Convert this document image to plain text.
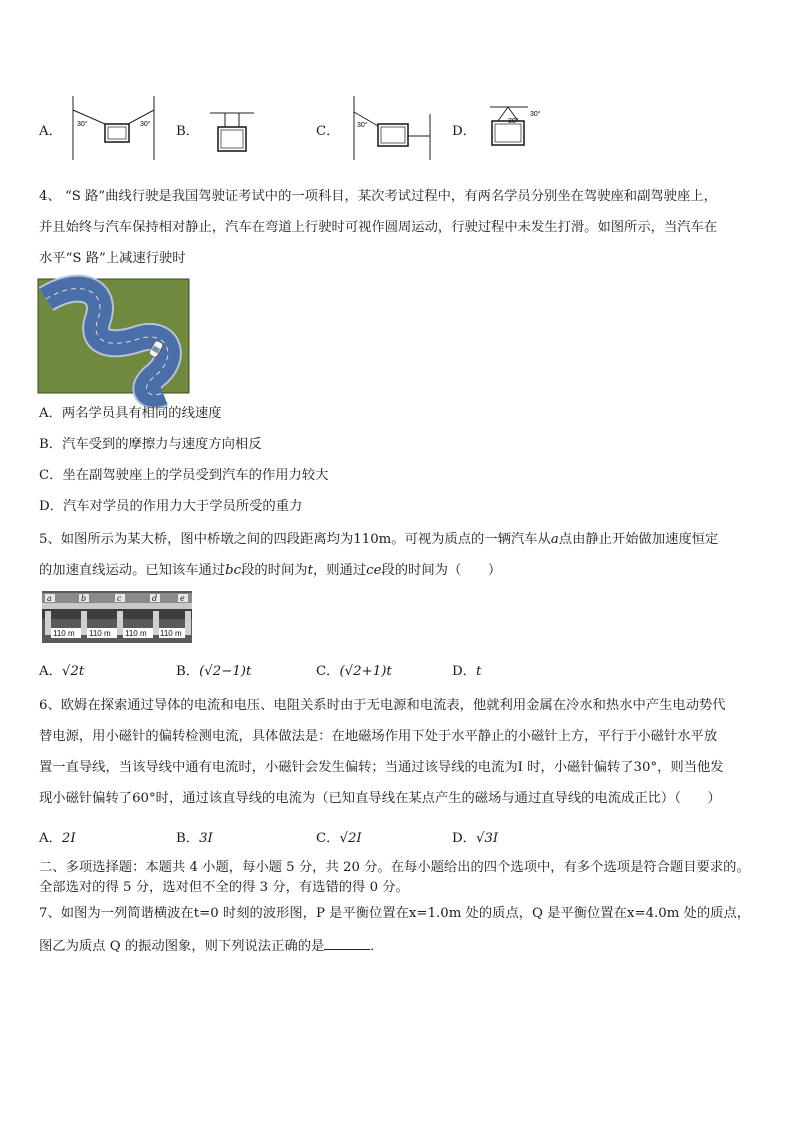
A． 30°	30° B．	C．	30°	D．
30°
30°
4、 “S 路”曲线行驶是我国驾驶证考试中的一项科目，某次考试过程中，有两名学员分别坐在驾驶座和副驾驶座上，
并且始终与汽车保持相对静止，汽车在弯道上行驶时可视作圆周运动，行驶过程中未发生打滑。如图所示，当汽车在
水平“S 路”上减速行驶时
A．两名学员具有相同的线速度
B．汽车受到的摩擦力与速度方向相反
C．坐在副驾驶座上的学员受到汽车的作用力较大
D．汽车对学员的作用力大于学员所受的重力
5、如图所示为某大桥，图中桥墩之间的四段距离均为110m。可视为质点的一辆汽车从a点由静止开始做加速度恒定
的加速直线运动。已知该车通过bc段的时间为t，则通过ce段的时间为（　　）
a	b	c	d	e
110 m 110 m 110 m 110 m
A．√2t	B．(√2−1)t	C．(√2+1)t	D．t
6、欧姆在探索通过导体的电流和电压、电阻关系时由于无电源和电流表，他就利用金属在冷水和热水中产生电动势代
替电源，用小磁针的偏转检测电流，具体做法是：在地磁场作用下处于水平静止的小磁针上方，平行于小磁针水平放
置一直导线，当该导线中通有电流时，小磁针会发生偏转；当通过该导线的电流为I 时，小磁针偏转了30°，则当他发
现小磁针偏转了60°时，通过该直导线的电流为（已知直导线在某点产生的磁场与通过直导线的电流成正比）（　　）
A．2I	B．3I	C．√2I	D．√3I
二、多项选择题：本题共 4 小题，每小题 5 分，共 20 分。在每小题给出的四个选项中，有多个选项是符合题目要求的。
全部选对的得 5 分，选对但不全的得 3 分，有选错的得 0 分。
7、如图为一列简谐横波在t=0 时刻的波形图，P 是平衡位置在x=1.0m 处的质点，Q 是平衡位置在x=4.0m 处的质点，
图乙为质点 Q 的振动图象，则下列说法正确的是	．
